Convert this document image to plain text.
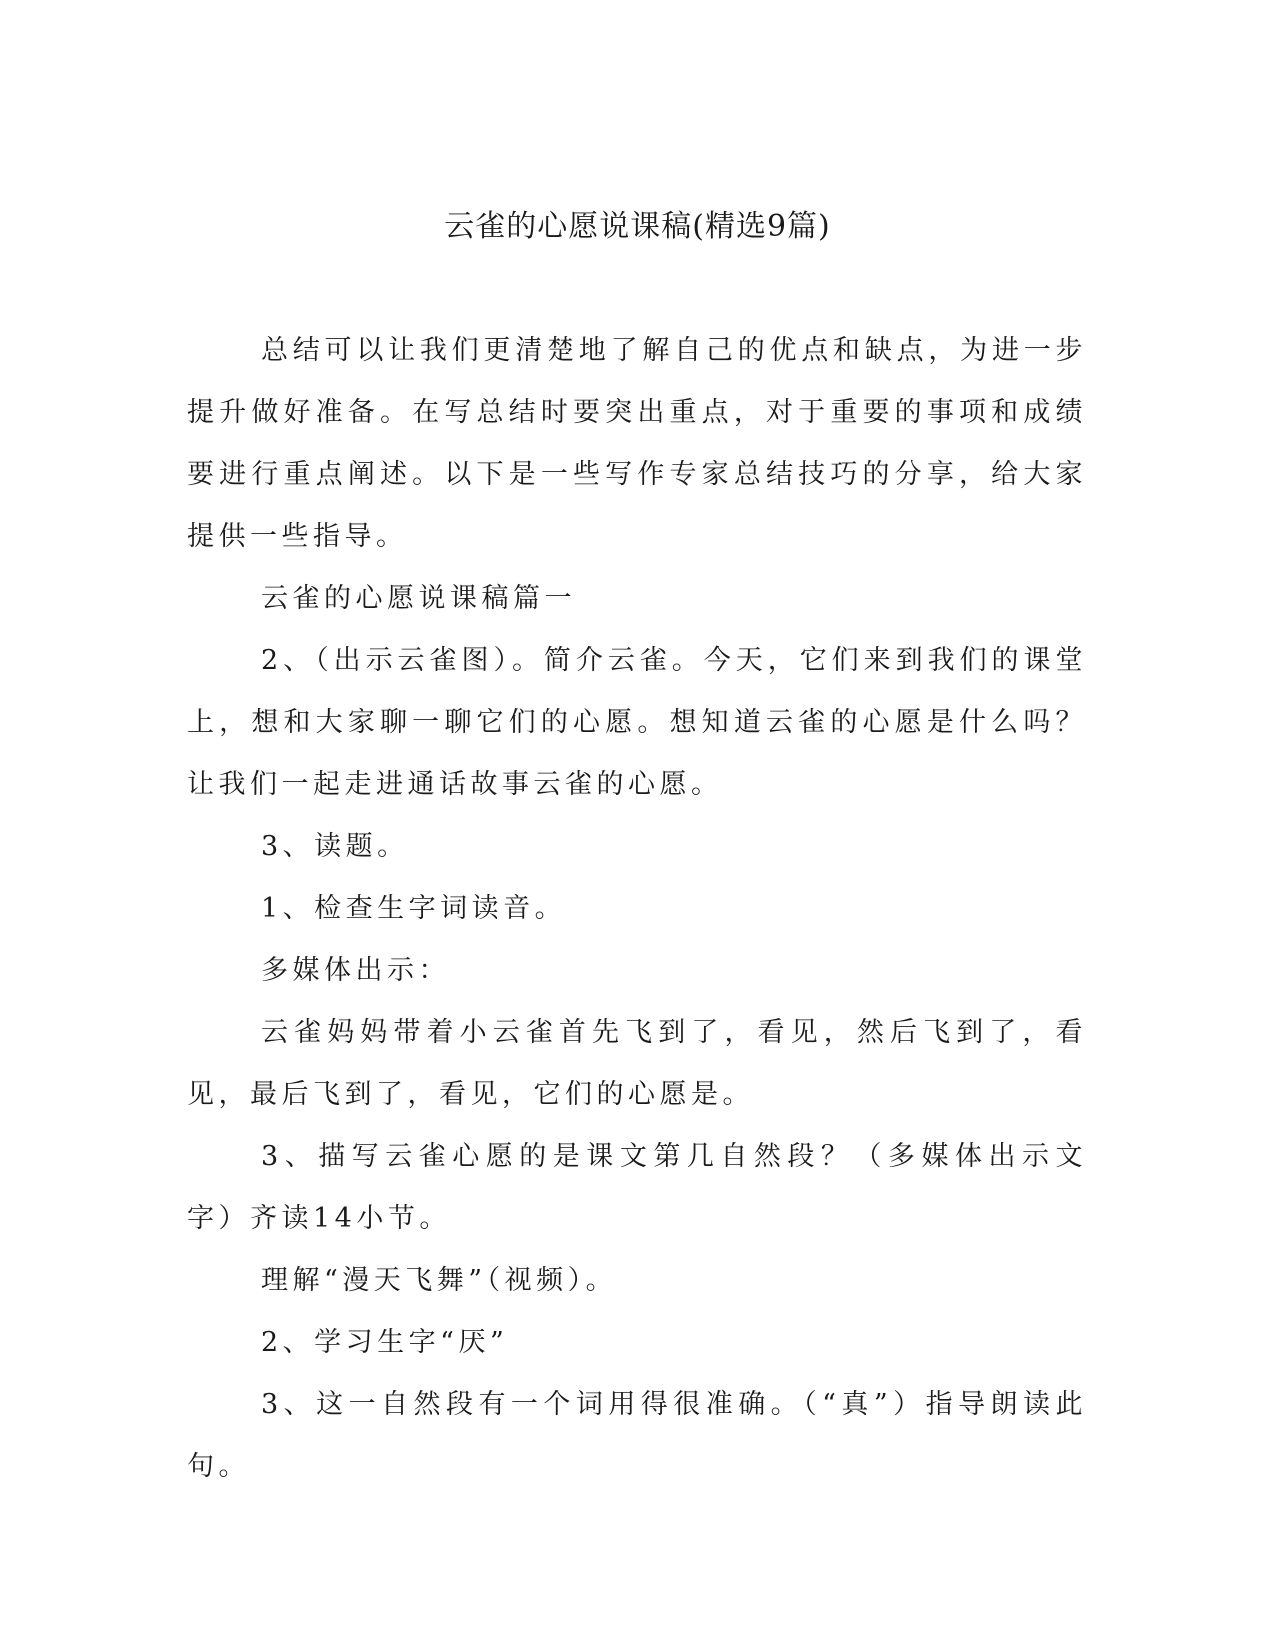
云雀的心愿说课稿(精选9篇)

总结可以让我们更清楚地了解自己的优点和缺点，为进一步提升做好准备。在写总结时要突出重点，对于重要的事项和成绩要进行重点阐述。以下是一些写作专家总结技巧的分享，给大家提供一些指导。

云雀的心愿说课稿篇一

2、（出示云雀图）。简介云雀。今天，它们来到我们的课堂上，想和大家聊一聊它们的心愿。想知道云雀的心愿是什么吗？让我们一起走进通话故事云雀的心愿。

3、读题。

1、检查生字词读音。

多媒体出示：

云雀妈妈带着小云雀首先飞到了，看见，然后飞到了，看见，最后飞到了，看见，它们的心愿是。

3、描写云雀心愿的是课文第几自然段？（多媒体出示文字）齐读14小节。

理解“漫天飞舞”（视频）。

2、学习生字“厌”

3、这一自然段有一个词用得很准确。（“真”）指导朗读此句。
